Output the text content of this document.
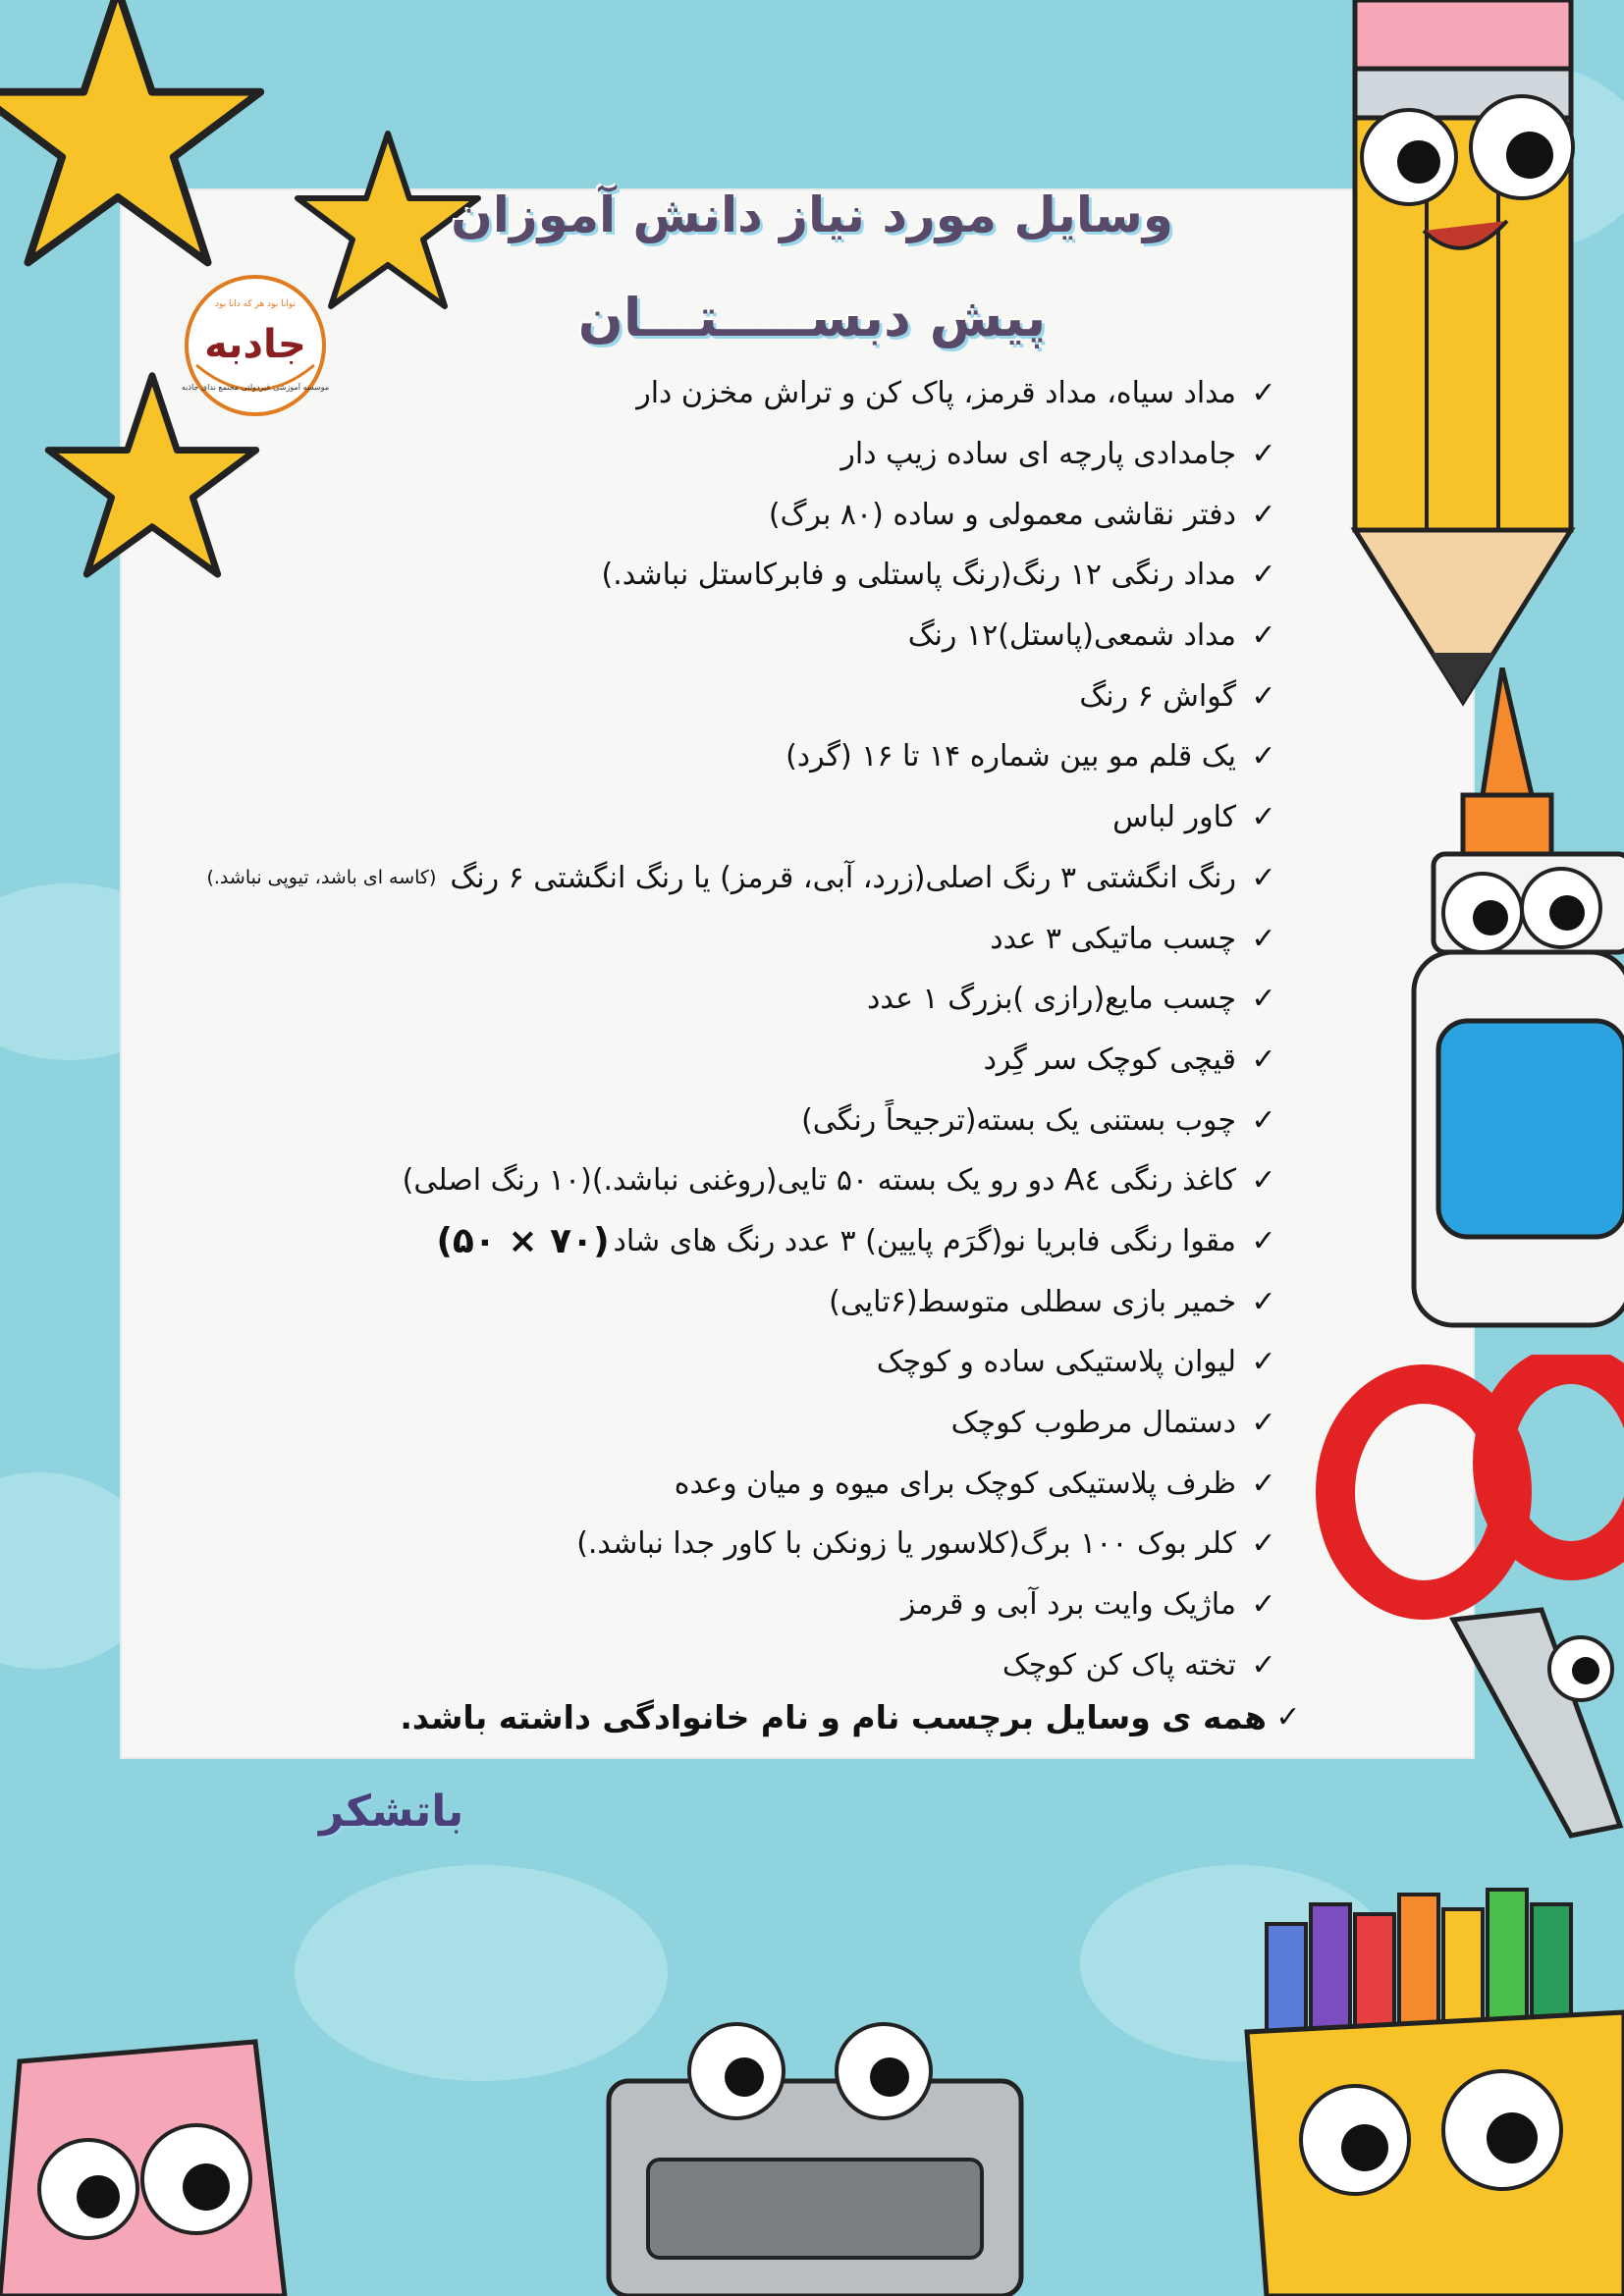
جادبه
توانا بود هر که دانا بود
موسسه آموزشی غیردولتی مجتمع ندای جاذبه
وسایل مورد نیاز دانش آموزان
پیش دبســـــتـــان
✓
مداد سیاه، مداد قرمز، پاک کن و تراش مخزن دار
✓
جامدادی پارچه ای ساده زیپ دار
✓
دفتر نقاشی معمولی و ساده (۸۰ برگ)
✓
مداد رنگی ۱۲ رنگ(رنگ پاستلی و فابرکاستل نباشد.)
✓
مداد شمعی(پاستل)۱۲ رنگ
✓
گواش ۶ رنگ
✓
یک قلم مو بین شماره ۱۴ تا ۱۶ (گرد)
✓
کاور لباس
✓
رنگ انگشتی ۳ رنگ اصلی(زرد، آبی، قرمز) یا رنگ انگشتی ۶ رنگ
(کاسه ای باشد، تیوپی نباشد.)
✓
چسب ماتیکی ۳ عدد
✓
چسب مایع(رازی )بزرگ ۱ عدد
✓
قیچی کوچک سر گِرد
✓
چوب بستنی یک بسته(ترجیحاً رنگی)
✓
کاغذ رنگی A٤ دو رو یک بسته ۵۰ تایی(روغنی نباشد.)(۱۰ رنگ اصلی)
✓
مقوا رنگی فابریا نو(گرَم پایین) ۳ عدد رنگ های شاد
(۷۰ × ۵۰)
✓
خمیر بازی سطلی متوسط(۶تایی)
✓
لیوان پلاستیکی ساده و کوچک
✓
دستمال مرطوب کوچک
✓
ظرف پلاستیکی کوچک برای میوه و میان وعده
✓
کلر بوک ۱۰۰ برگ(کلاسور یا زونکن با کاور جدا نباشد.)
✓
ماژیک وایت برد آبی و قرمز
✓
تخته پاک کن کوچک
✓
همه ی وسایل برچسب نام و نام خانوادگی داشته باشد.
باتشکر
